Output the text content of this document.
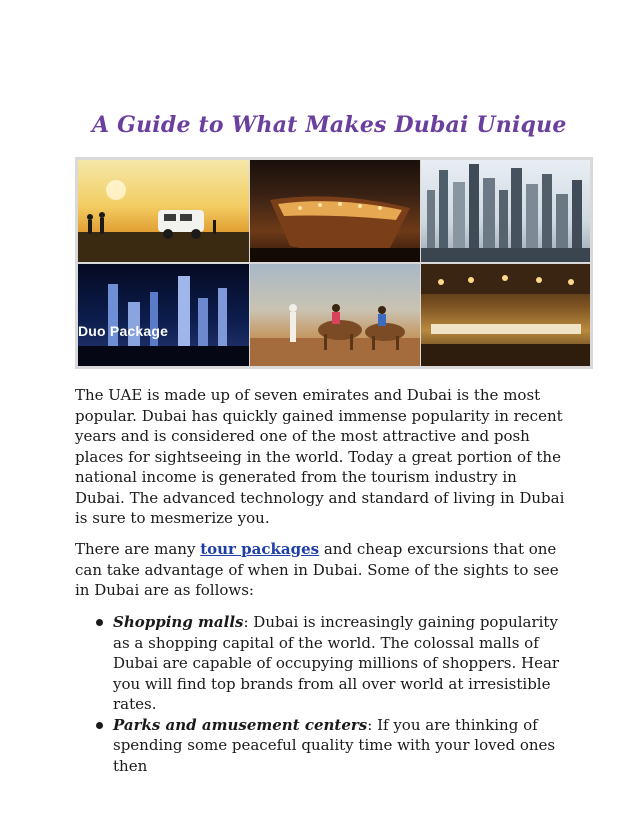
A Guide to What Makes Dubai Unique
Duo Package
The UAE is made up of seven emirates and Dubai is the most popular. Dubai has quickly gained immense popularity in recent years and is considered one of the most attractive and posh places for sightseeing in the world. Today a great portion of the national income is generated from the tourism industry in Dubai. The advanced technology and standard of living in Dubai is sure to mesmerize you.
There are many tour packages and cheap excursions that one can take advantage of when in Dubai. Some of the sights to see in Dubai are as follows:
Shopping malls: Dubai is increasingly gaining popularity as a shopping capital of the world. The colossal malls of Dubai are capable of occupying millions of shoppers. Hear you will find top brands from all over world at irresistible rates.
Parks and amusement centers: If you are thinking of spending some peaceful quality time with your loved ones then
